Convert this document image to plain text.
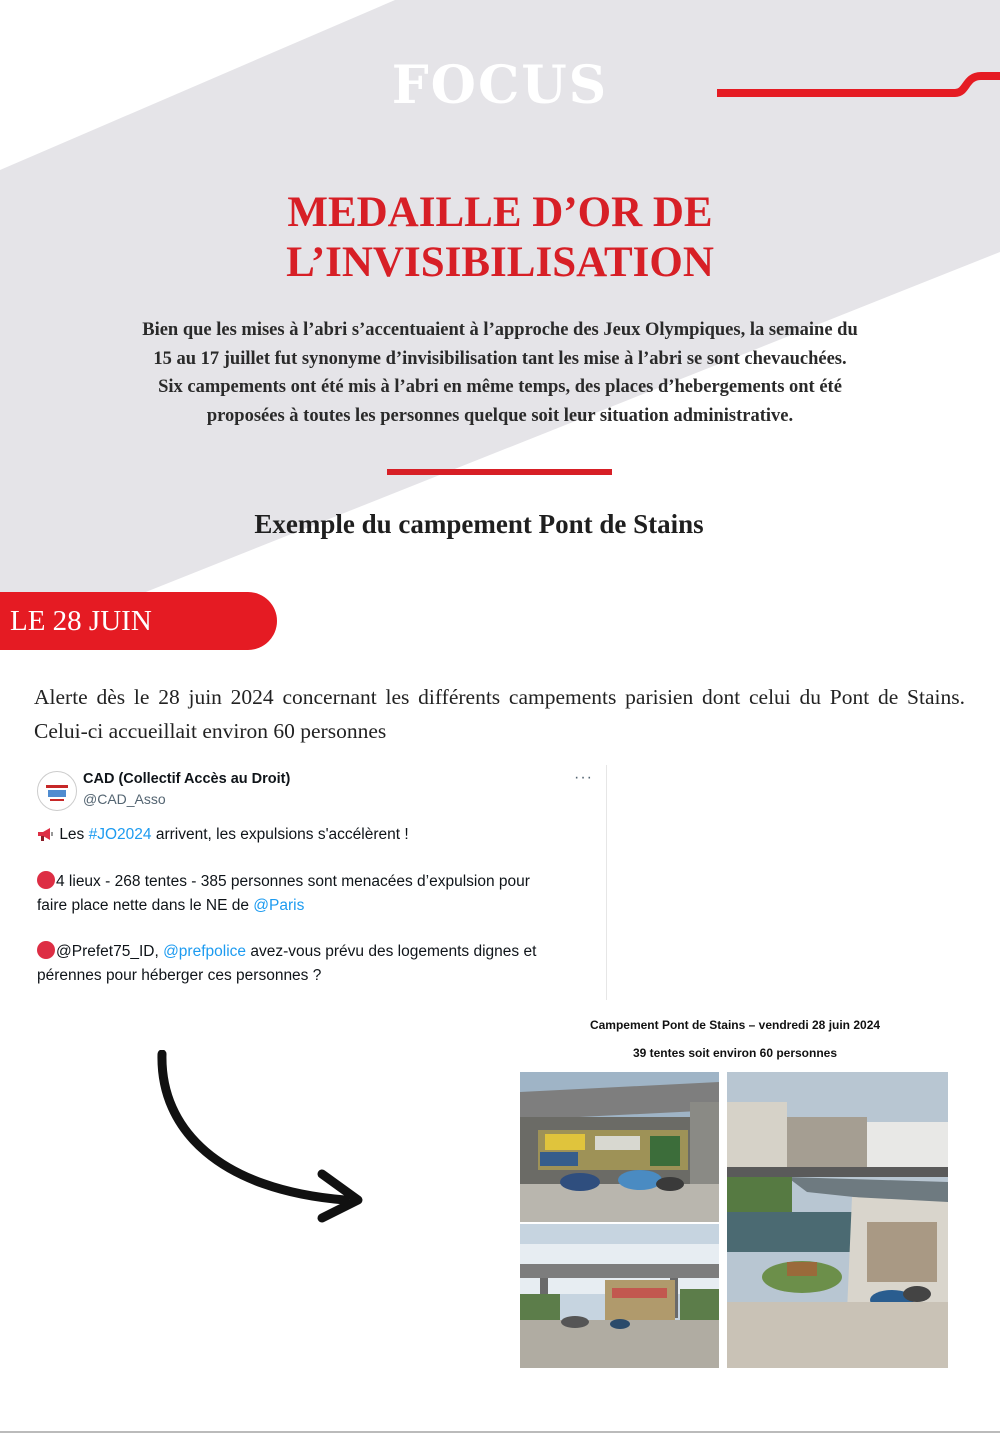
FOCUS
MEDAILLE D’OR DE
L’INVISIBILISATION
Bien que les mises à l’abri s’accentuaient à l’approche des Jeux Olympiques, la semaine du
15 au 17 juillet fut synonyme d’invisibilisation tant les mise à l’abri se sont chevauchées.
Six campements ont été mis à l’abri en même temps, des places d’hebergements ont été
proposées à toutes les personnes quelque soit leur situation administrative.
Exemple du campement Pont de Stains
LE 28 JUIN
Alerte dès le 28 juin 2024 concernant les différents campements parisien dont celui du Pont de Stains. Celui-ci accueillait environ 60 personnes
CAD (Collectif Accès au Droit)
@CAD_Asso
···
Les #JO2024 arrivent, les expulsions s'accélèrent !
4 lieux - 268 tentes - 385 personnes sont menacées d’expulsion pour
faire place nette dans le NE de @Paris
@Prefet75_ID, @prefpolice avez-vous prévu des logements dignes et
pérennes pour héberger ces personnes ?
Campement Pont de Stains – vendredi 28 juin 2024
39 tentes soit environ 60 personnes
